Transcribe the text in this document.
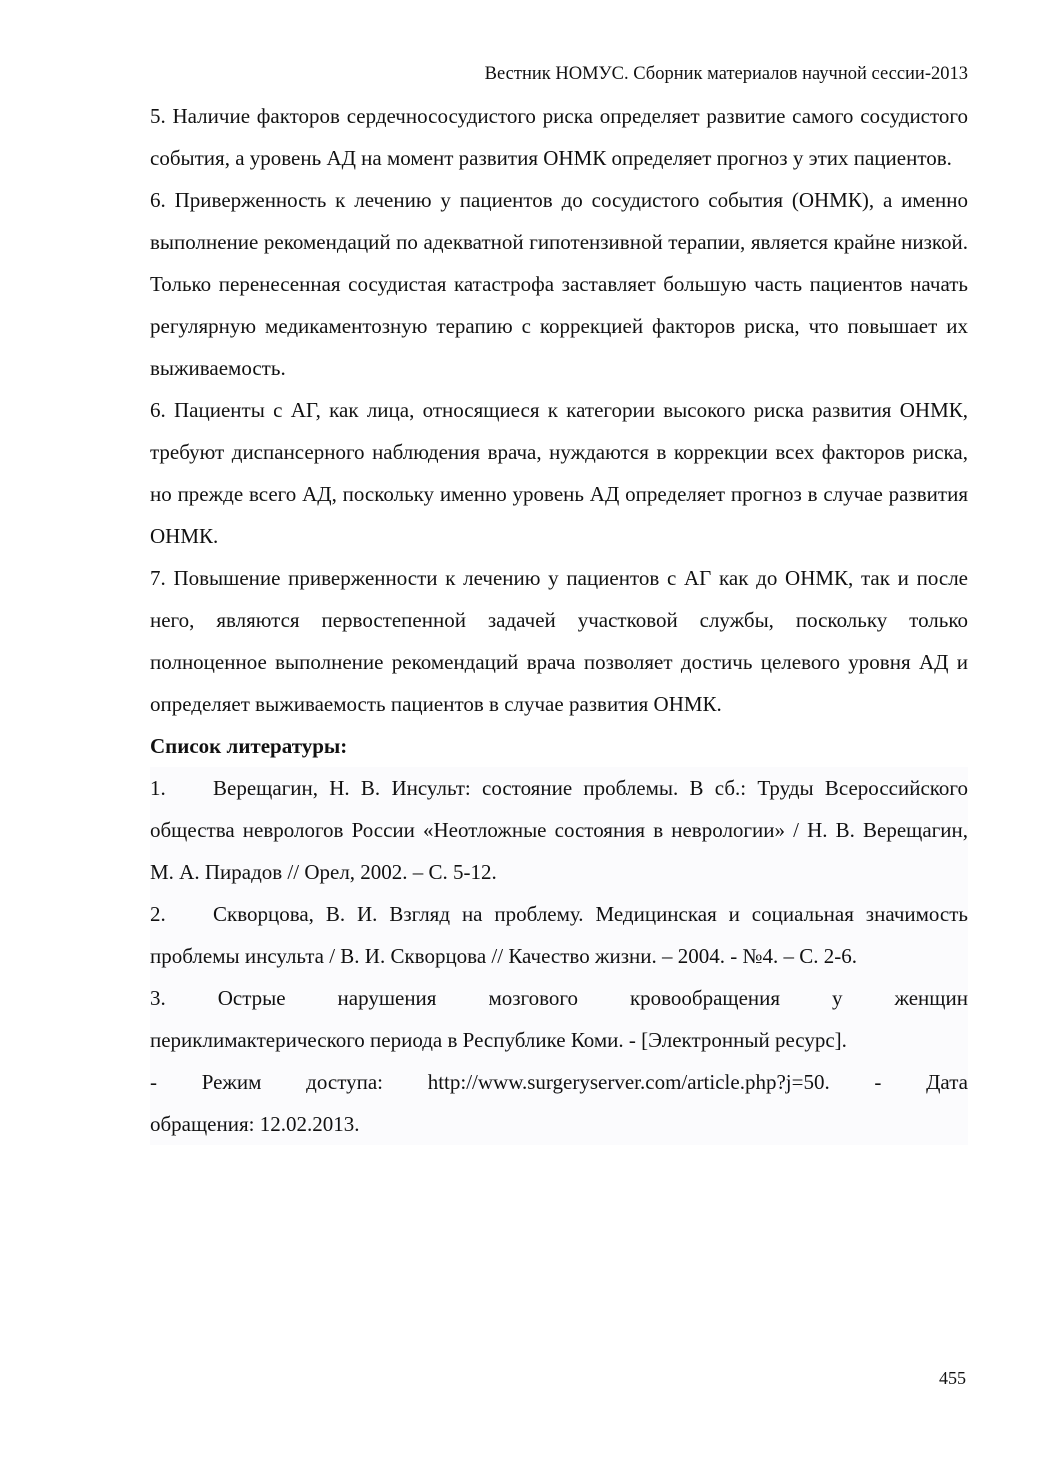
Вестник НОМУС. Сборник материалов научной сессии-2013

5. Наличие факторов сердечнососудистого риска определяет развитие самого сосудистого события, а уровень АД на момент развития ОНМК определяет прогноз у этих пациентов.

6. Приверженность к лечению у пациентов до сосудистого события (ОНМК), а именно выполнение рекомендаций по адекватной гипотензивной терапии, является крайне низкой. Только перенесенная сосудистая катастрофа заставляет большую часть пациентов начать регулярную медикаментозную терапию с коррекцией факторов риска, что повышает их выживаемость.

6. Пациенты с АГ, как лица, относящиеся к категории высокого риска развития ОНМК, требуют диспансерного наблюдения врача, нуждаются в коррекции всех факторов риска, но прежде всего АД, поскольку именно уровень АД определяет прогноз в случае развития ОНМК.

7. Повышение приверженности к лечению у пациентов с АГ как до ОНМК, так и после него, являются первостепенной задачей участковой службы, поскольку только полноценное выполнение рекомендаций врача позволяет достичь целевого уровня АД и определяет выживаемость пациентов в случае развития ОНМК.

Список литературы:

1. Верещагин, Н. В. Инсульт: состояние проблемы. В сб.: Труды Всероссийского общества неврологов России «Неотложные состояния в неврологии» / Н. В. Верещагин, М. А. Пирадов // Орел, 2002. – С. 5-12.

2. Скворцова, В. И. Взгляд на проблему. Медицинская и социальная значимость проблемы инсульта / В. И. Скворцова // Качество жизни. – 2004. - №4. – С. 2-6.

3. Острые нарушения мозгового кровообращения у женщин
периклимактерического периода в Республике Коми. - [Электронный ресурс].
- Режим доступа: http://www.surgeryserver.com/article.php?j=50. - Дата
обращения: 12.02.2013.
455
